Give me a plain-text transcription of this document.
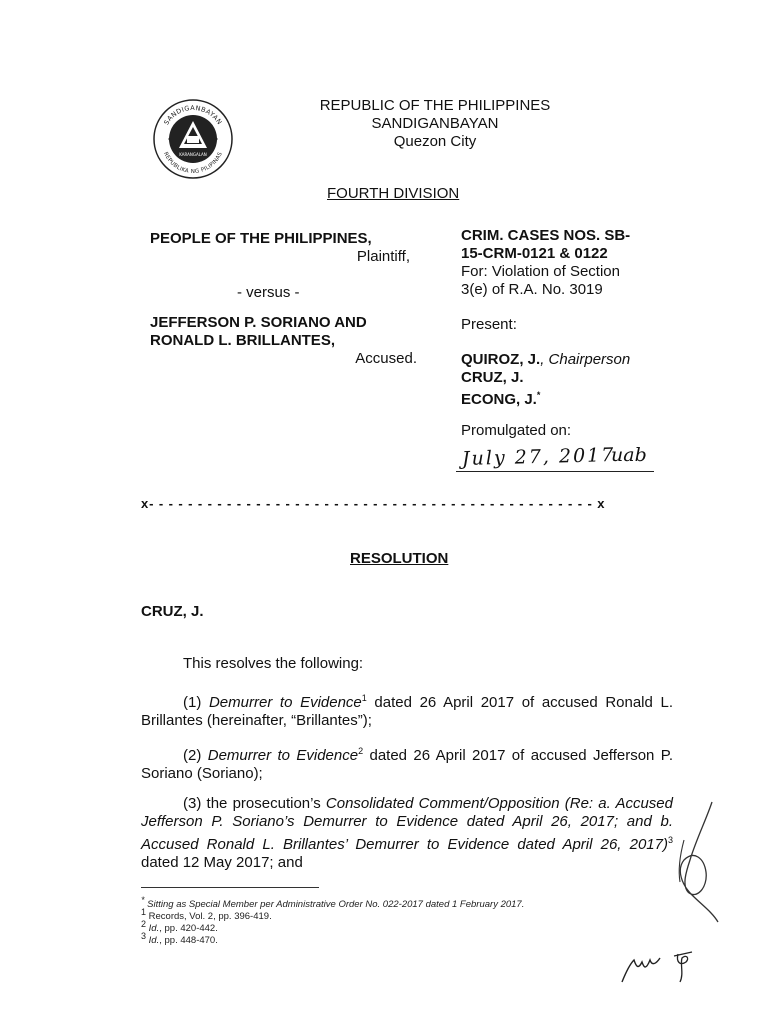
SANDIGANBAYAN
REPUBLIKA NG PILIPINAS
KARANGALAN
REPUBLIC OF THE PHILIPPINES
SANDIGANBAYAN
Quezon City
FOURTH DIVISION
PEOPLE OF THE PHILIPPINES,
Plaintiff,
- versus -
JEFFERSON P. SORIANO AND
RONALD L. BRILLANTES,
Accused.
CRIM. CASES NOS. SB-
15-CRM-0121 & 0122
For: Violation of Section
3(e) of R.A. No. 3019
Present:
QUIROZ, J., Chairperson
CRUZ, J.
ECONG, J.*
Promulgated on:
July 27, 2017
uab
x- - - - - - - - - - - - - - - - - - - - - - - - - - - - - - - - - - - - - - - - - - - - - - x
RESOLUTION
CRUZ, J.
This resolves the following:
(1) Demurrer to Evidence$^1$ dated 26 April 2017 of accused Ronald L. Brillantes (hereinafter, “Brillantes”);
(2) Demurrer to Evidence$^2$ dated 26 April 2017 of accused Jefferson P. Soriano (Soriano);
(3) the prosecution’s Consolidated Comment/Opposition (Re: a. Accused Jefferson P. Soriano’s Demurrer to Evidence dated April 26, 2017; and b. Accused Ronald L. Brillantes’ Demurrer to Evidence dated April 26, 2017)$^3$ dated 12 May 2017; and
* Sitting as Special Member per Administrative Order No. 022-2017 dated 1 February 2017.
$^1$ Records, Vol. 2, pp. 396-419.
$^2$ Id., pp. 420-442.
$^3$ Id., pp. 448-470.
